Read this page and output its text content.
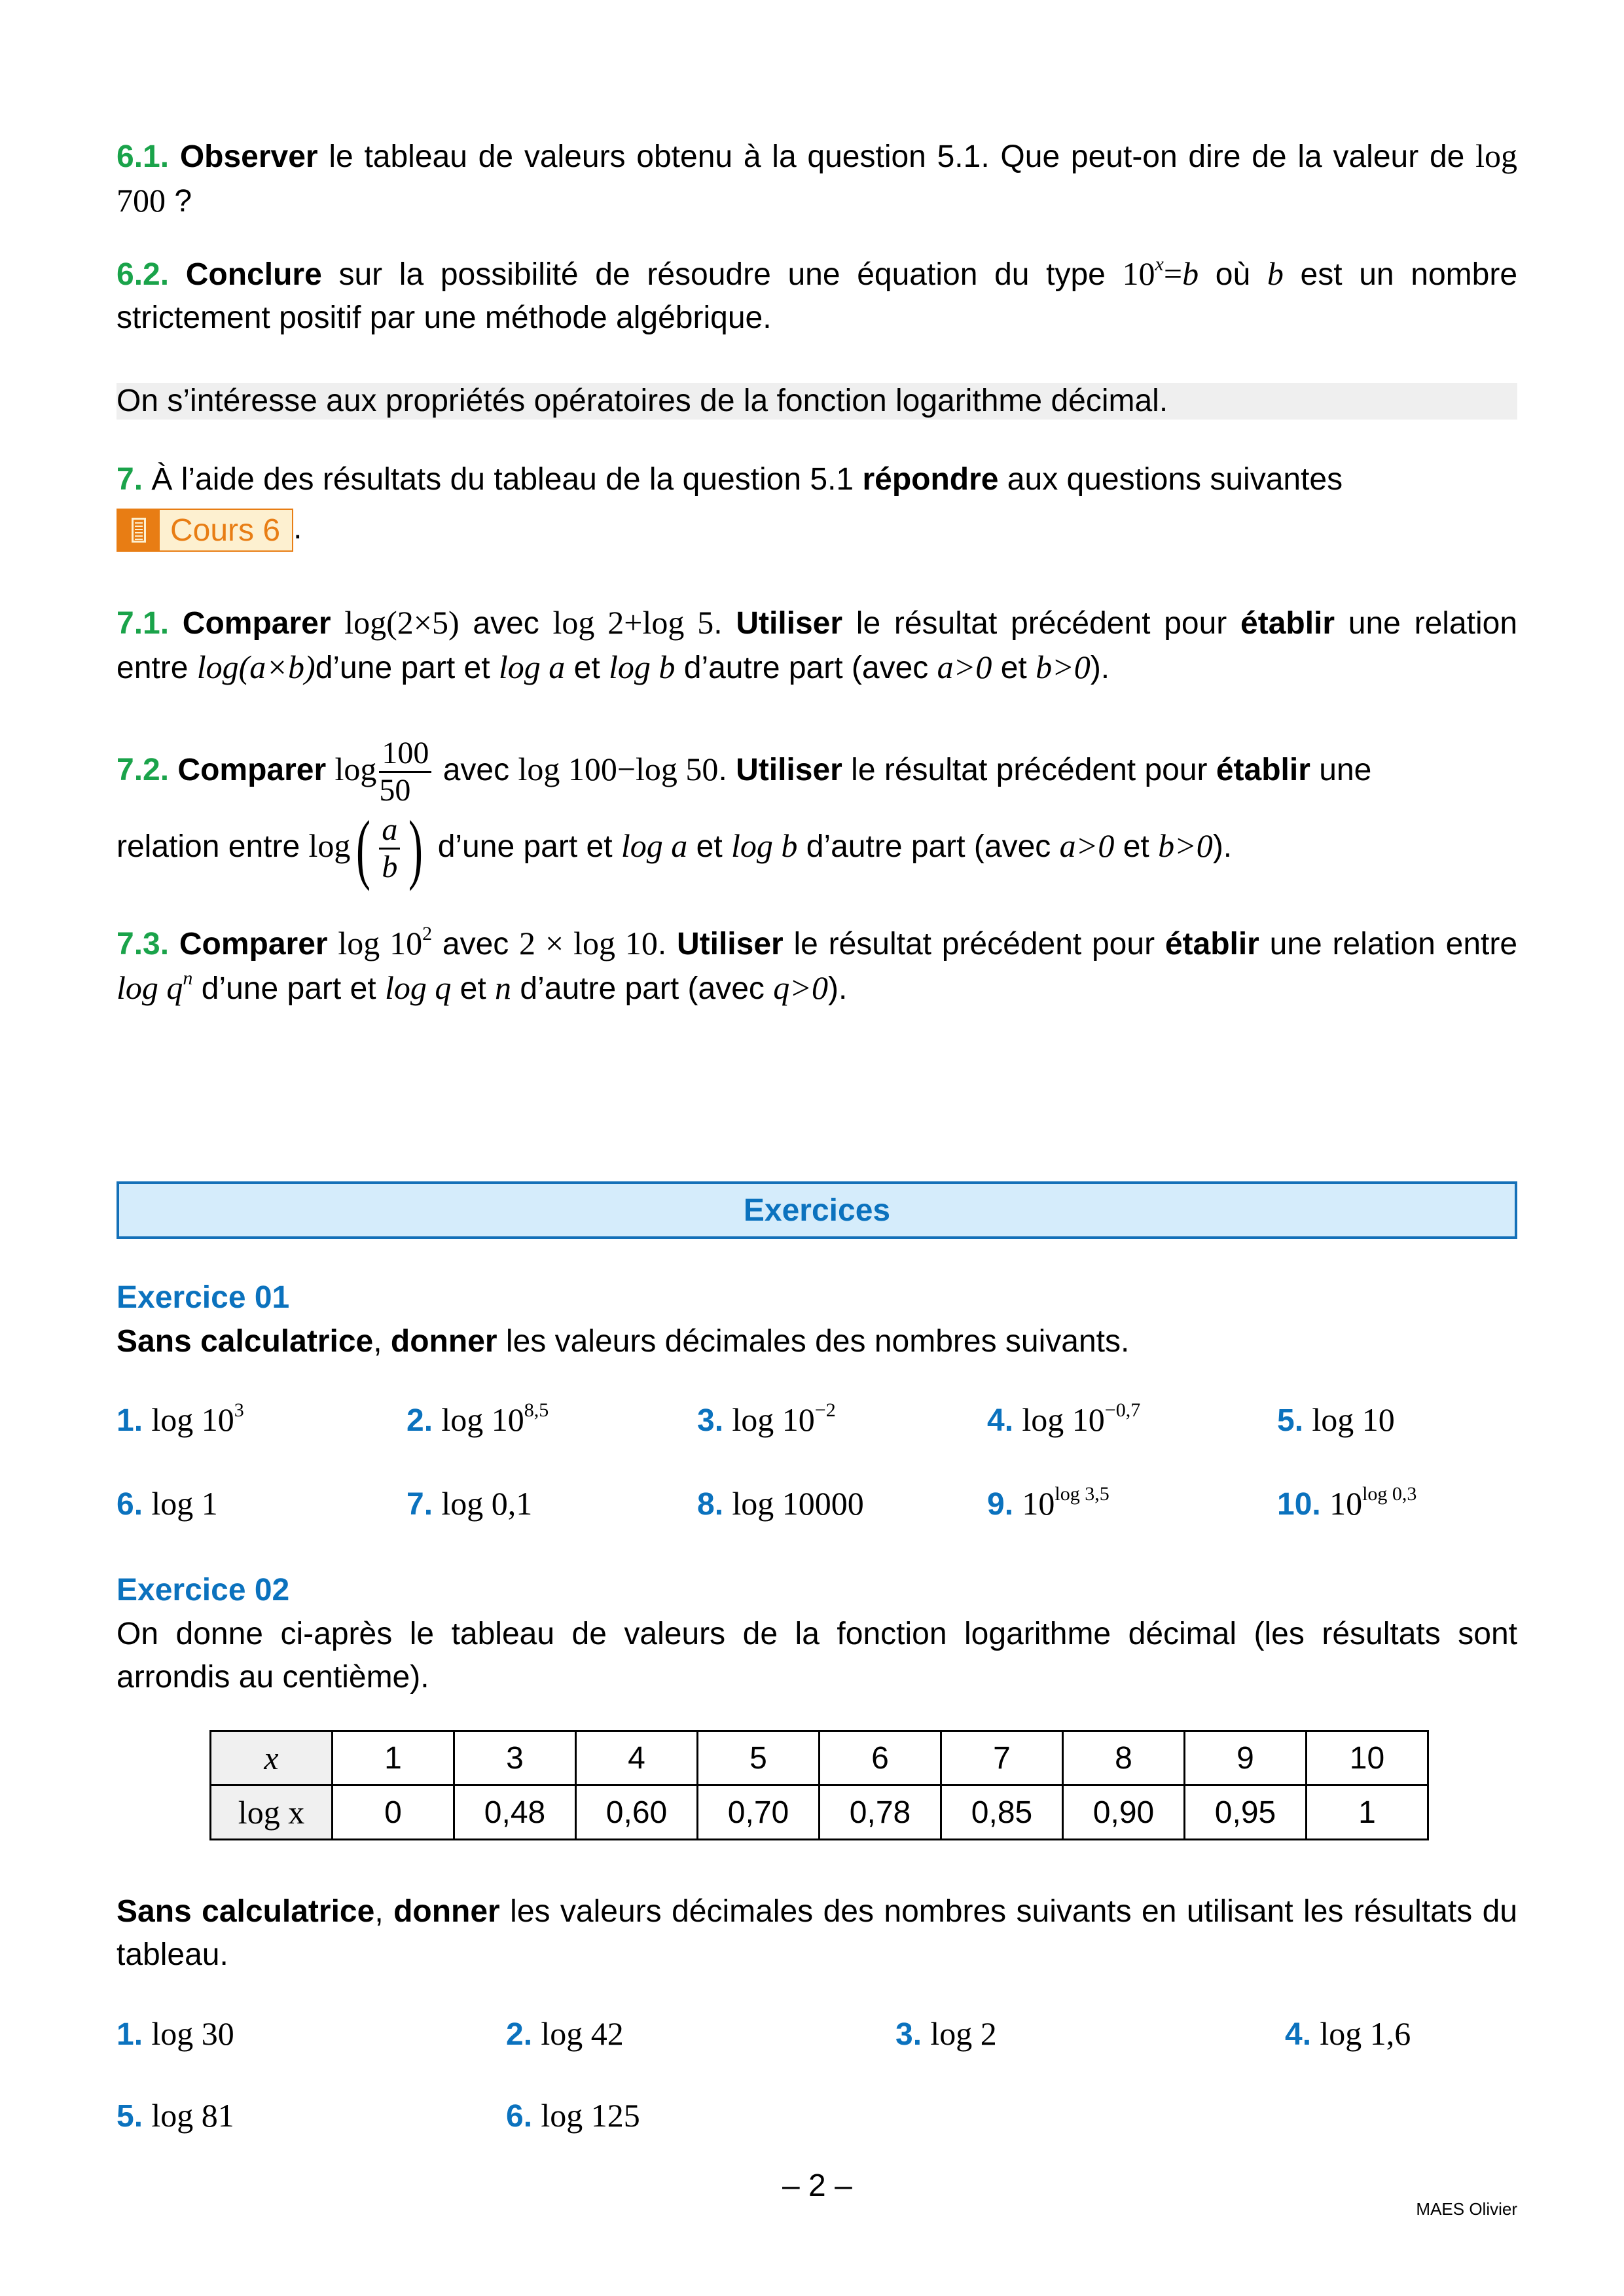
6.1. Observer le tableau de valeurs obtenu à la question 5.1. Que peut-on dire de la valeur de log 700 ?
6.2. Conclure sur la possibilité de résoudre une équation du type $10^x=b$ où b est un nombre strictement positif par une méthode algébrique.
On s’intéresse aux propriétés opératoires de la fonction logarithme décimal.
7. À l’aide des résultats du tableau de la question 5.1 répondre aux questions suivantes
Cours 6 .
7.1. Comparer log(2×5) avec log 2+log 5. Utiliser le résultat précédent pour établir une relation entre log(a×b)d’une part et log a et log b d’autre part (avec a>0 et b>0).
7.2. Comparer $\log \frac{100}{50}$ avec log 100−log 50. Utiliser le résultat précédent pour établir une
relation entre $\log( \frac{a}{b}$ ) d’une part et log a et log b d’autre part (avec a>0 et b>0).
7.3. Comparer $\log 10^2$ avec 2 × log 10. Utiliser le résultat précédent pour établir une relation entre $\log q^n$ d’une part et log q et n d’autre part (avec q>0).
Exercices
Exercice 01
Sans calculatrice, donner les valeurs décimales des nombres suivants.
1. $\log 10^3$	2. log 10$^{8,5}$	3. $\log 10^{-2}$	4. $\log 10^{-0,7}$	5. log 10
6. log 1	7. log 0,1	8. log 10000	9. $10^{log 3,5}$	10. $10^{log 0,3}$
Exercice 02
On donne ci-après le tableau de valeurs de la fonction logarithme décimal (les résultats sont arrondis au centième).
x	1	3	4	5	6	7	8	9	10
log x	0	0,48	0,60	0,70	0,78	0,85	0,90	0,95	1
Sans calculatrice, donner les valeurs décimales des nombres suivants en utilisant les résultats du tableau.
1. log 30	2. log 42	3. log 2	4. log 1,6
5. log 81	6. log 125
– 2 –
MAES Olivier
